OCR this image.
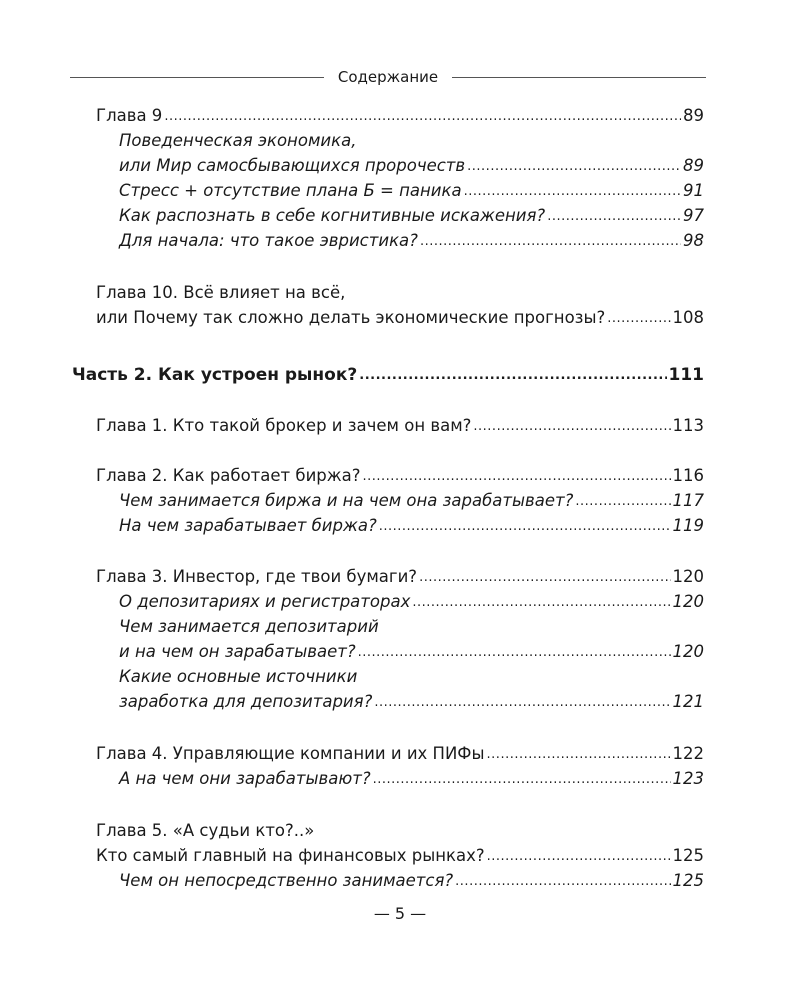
Содержание
Глава 9 .....	89
Поведенческая экономика,
или Мир самосбывающихся пророчеств .....	89
Стресс + отсутствие плана Б = паника .....	91
Как распознать в себе когнитивные искажения? .....	97
Для начала: что такое эвристика? .....	98
Глава 10. Всё влияет на всё,
или Почему так сложно делать экономические прогнозы? .....	108
Часть 2. Как устроен рынок? .....	111
Глава 1. Кто такой брокер и зачем он вам? .....	113
Глава 2. Как работает биржа? .....	116
Чем занимается биржа и на чем она зарабатывает? .....	117
На чем зарабатывает биржа? .....	119
Глава 3. Инвестор, где твои бумаги? .....	120
О депозитариях и регистраторах .....	120
Чем занимается депозитарий
и на чем он зарабатывает? .....	120
Какие основные источники
заработка для депозитария? .....	121
Глава 4. Управляющие компании и их ПИФы .....	122
А на чем они зарабатывают? .....	123
Глава 5. «А судьи кто?..»
Кто самый главный на финансовых рынках? .....	125
Чем он непосредственно занимается? .....	125
— 5 —
